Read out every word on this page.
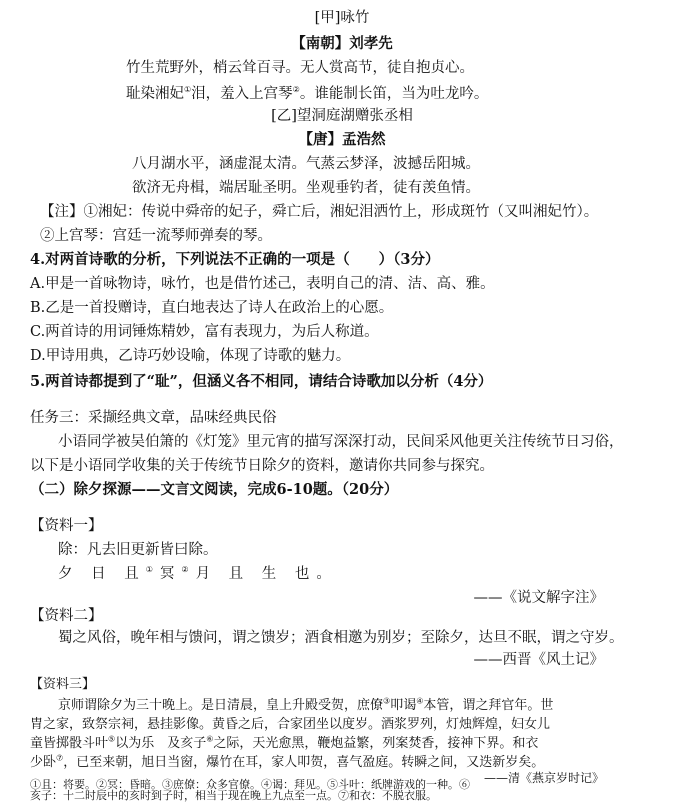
[甲]咏竹
【南朝】刘孝先
竹生荒野外，梢云耸百寻。无人赏高节，徒自抱贞心。
耻染湘妃①泪，羞入上宫琴②。谁能制长笛，当为吐龙吟。
[乙]望洞庭湖赠张丞相
【唐】孟浩然
八月湖水平，涵虚混太清。气蒸云梦泽，波撼岳阳城。
欲济无舟楫，端居耻圣明。坐观垂钓者，徒有羡鱼情。
【注】①湘妃：传说中舜帝的妃子，舜亡后，湘妃泪洒竹上，形成斑竹（又叫湘妃竹）。
②上宫琴：宫廷一流琴师弹奏的琴。
4.对两首诗歌的分析，下列说法不正确的一项是（　　）（3分）
A.甲是一首咏物诗，咏竹，也是借竹述己，表明自己的清、洁、高、雅。
B.乙是一首投赠诗，直白地表达了诗人在政治上的心愿。
C.两首诗的用词锤炼精妙，富有表现力，为后人称道。
D.甲诗用典，乙诗巧妙设喻，体现了诗歌的魅力。
5.两首诗都提到了“耻”，但涵义各不相同，请结合诗歌加以分析（4分）
任务三：采撷经典文章，品味经典民俗
小语同学被吴伯箫的《灯笼》里元宵的描写深深打动，民间采风他更关注传统节日习俗，
以下是小语同学收集的关于传统节日除夕的资料，邀请你共同参与探究。
（二）除夕探源——文言文阅读，完成6-10题。（20分）
【资料一】
除：凡去旧更新皆曰除。
夕 日 且①冥②月 且 生 也。
——《说文解字注》
【资料二】
蜀之风俗，晚年相与馈问，谓之馈岁；酒食相邀为别岁；至除夕，达旦不眠，谓之守岁。
——西晋《风土记》
【资料三】
京师谓除夕为三十晚上。是日清晨，皇上升殿受贺，庶僚③叩谒④本管，谓之拜官年。世
胄之家，致祭宗祠，悬挂影像。黄昏之后，合家团坐以度岁。酒浆罗列，灯烛辉煌，妇女儿
童皆掷骰斗叶⑤以为乐　及亥子⑥之际，天光愈黑，鞭炮益繁，列案焚香，接神下界。和衣
少卧⑦，已至来朝，旭日当窗，爆竹在耳，家人叩贺，喜气盈庭。转瞬之间，又迭新岁矣。
——清《燕京岁时记》
①且：将要。②冥：昏暗。③庶僚：众多官僚。④谒：拜见。⑤斗叶：纸牌游戏的一种。⑥
亥子：十二时辰中的亥时到子时，相当于现在晚上九点至一点。⑦和衣：不脱衣服。
